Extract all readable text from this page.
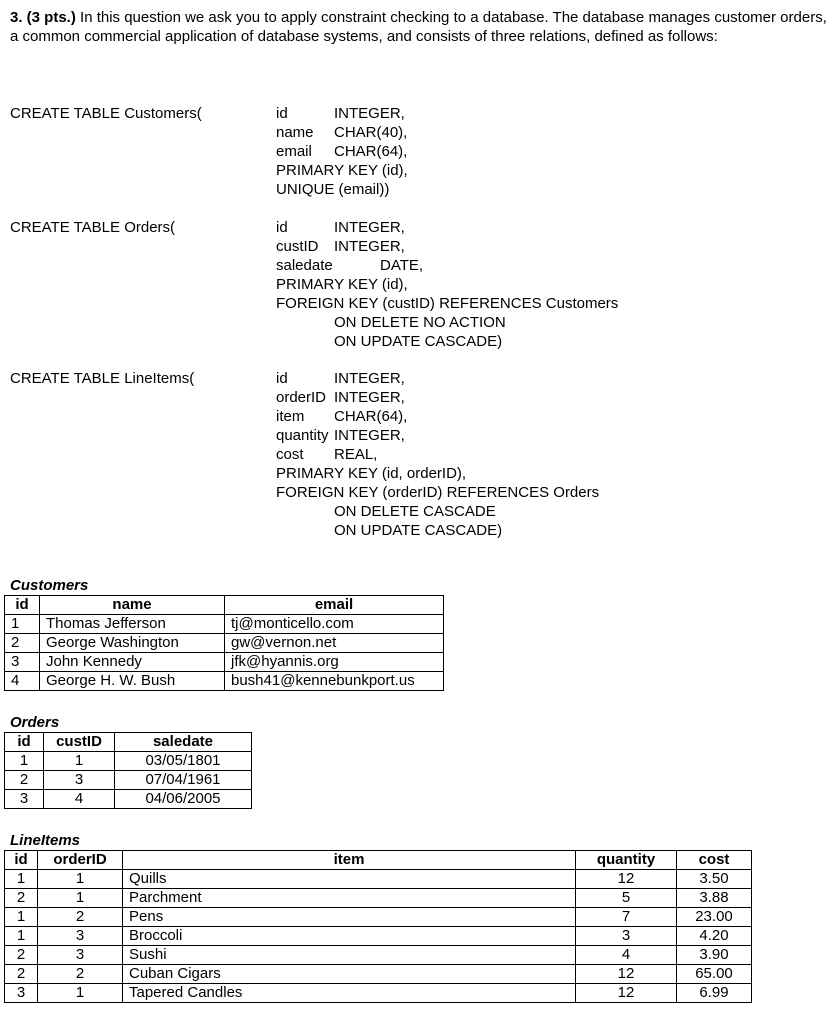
3. (3 pts.) In this question we ask you to apply constraint checking to a database. The database manages customer orders, a common commercial application of database systems, and consists of three relations, defined as follows:
CREATE TABLE Customers(	id	INTEGER,
name CHAR(40),
email CHAR(64),
PRIMARY KEY (id),
UNIQUE (email))
CREATE TABLE Orders(	id	INTEGER,
custID INTEGER,
saledate	DATE,
PRIMARY KEY (id),
FOREIGN KEY (custID) REFERENCES Customers
ON DELETE NO ACTION
ON UPDATE CASCADE)
CREATE TABLE LineItems(	id	INTEGER,
orderID INTEGER,
item CHAR(64),
quantity INTEGER,
cost REAL,
PRIMARY KEY (id, orderID),
FOREIGN KEY (orderID) REFERENCES Orders
ON DELETE CASCADE
ON UPDATE CASCADE)
Customers
id	name	email
1	Thomas Jefferson	tj@monticello.com
2	George Washington	gw@vernon.net
3	John Kennedy	jfk@hyannis.org
4	George H. W. Bush	bush41@kennebunkport.us
Orders
id	custID	saledate
1	1	03/05/1801
2	3	07/04/1961
3	4	04/06/2005
LineItems
id	orderID	item	quantity	cost
1	1	Quills	12	3.50
2	1	Parchment	5	3.88
1	2	Pens	7	23.00
1	3	Broccoli	3	4.20
2	3	Sushi	4	3.90
2	2	Cuban Cigars	12	65.00
3	1	Tapered Candles	12	6.99
